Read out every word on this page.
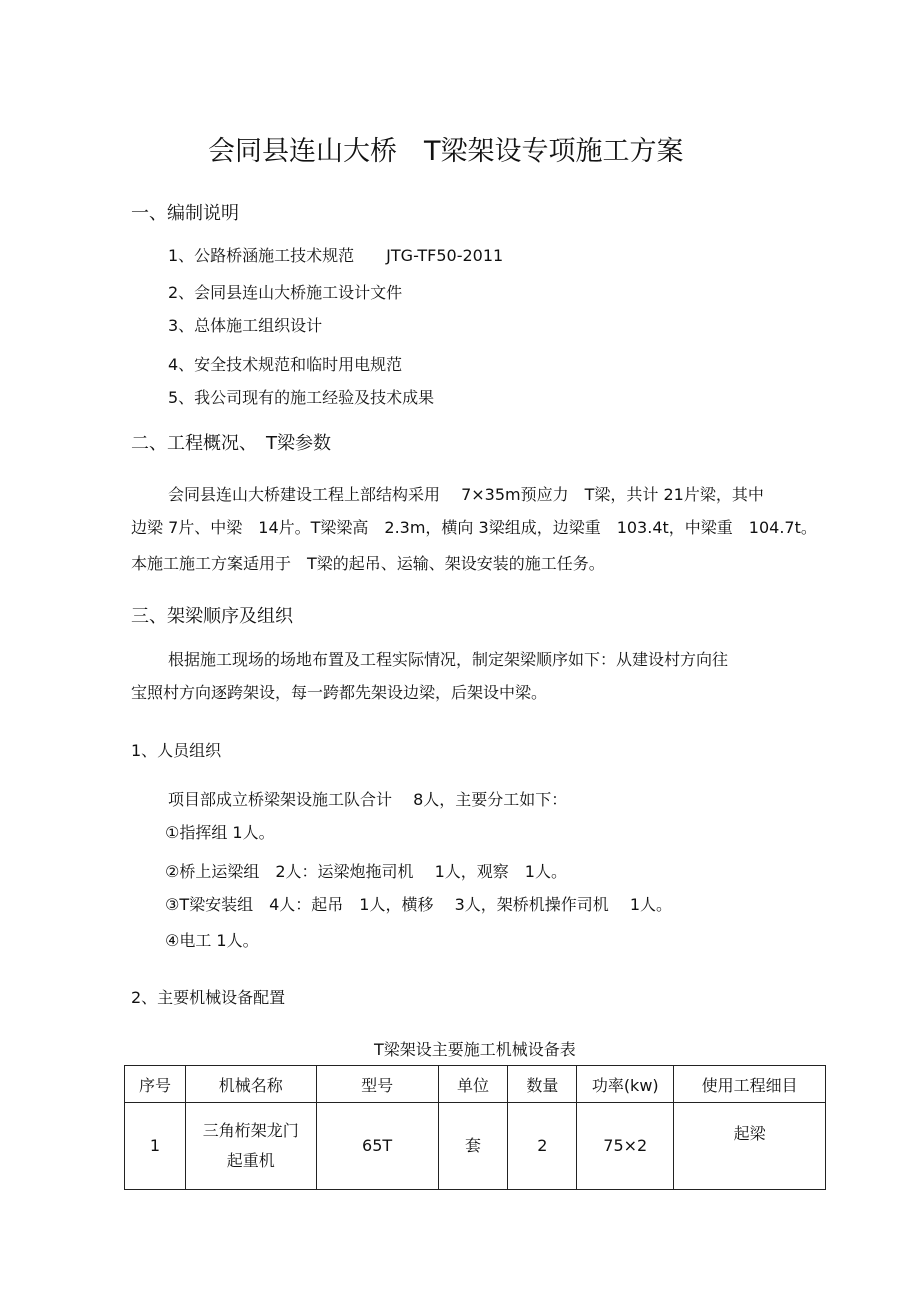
会同县连山大桥　T梁架设专项施工方案
一、编制说明
1、公路桥涵施工技术规范　　JTG-TF50-2011
2、会同县连山大桥施工设计文件
3、总体施工组织设计
4、安全技术规范和临时用电规范
5、我公司现有的施工经验及技术成果
二、工程概况、　T梁参数
会同县连山大桥建设工程上部结构采用　 7×35m预应力　T梁，共计 21片梁，其中
边梁 7片、中梁　14片。T梁梁高　2.3m，横向 3梁组成，边梁重　103.4t，中梁重　104.7t。
本施工施工方案适用于　T梁的起吊、运输、架设安装的施工任务。
三、架梁顺序及组织
根据施工现场的场地布置及工程实际情况，制定架梁顺序如下：从建设村方向往
宝照村方向逐跨架设，每一跨都先架设边梁，后架设中梁。
1、人员组织
项目部成立桥梁架设施工队合计　 8人，主要分工如下：
①指挥组 1人。
②桥上运梁组　2人：运梁炮拖司机　 1人，观察　1人。
③T梁安装组　4人：起吊　1人，横移　 3人，架桥机操作司机　 1人。
④电工 1人。
2、主要机械设备配置
T梁架设主要施工机械设备表
序号	机械名称	型号	单位	数量	功率(kw)	使用工程细目
1	三角桁架龙门
起重机	65T	套	2	75×2	起梁
